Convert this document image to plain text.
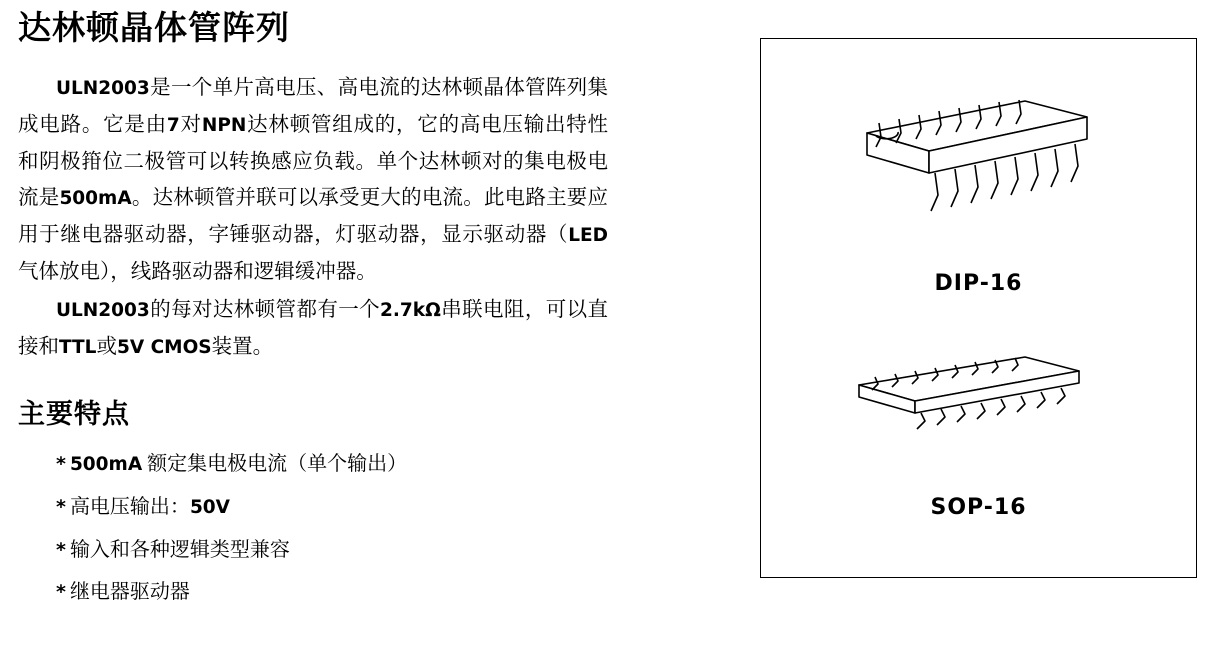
达林顿晶体管阵列

ULN2003是一个单片高电压、高电流的达林顿晶体管阵列集成电路。它是由7对NPN达林顿管组成的，它的高电压输出特性和阴极箝位二极管可以转换感应负载。单个达林顿对的集电极电流是500mA。达林顿管并联可以承受更大的电流。此电路主要应用于继电器驱动器，字锤驱动器，灯驱动器，显示驱动器（LED气体放电），线路驱动器和逻辑缓冲器。

ULN2003的每对达林顿管都有一个2.7kΩ串联电阻，可以直接和TTL或5V CMOS装置。

主要特点
* 500mA 额定集电极电流（单个输出）
* 高电压输出：50V
* 输入和各种逻辑类型兼容
* 继电器驱动器
DIP-16
SOP-16
